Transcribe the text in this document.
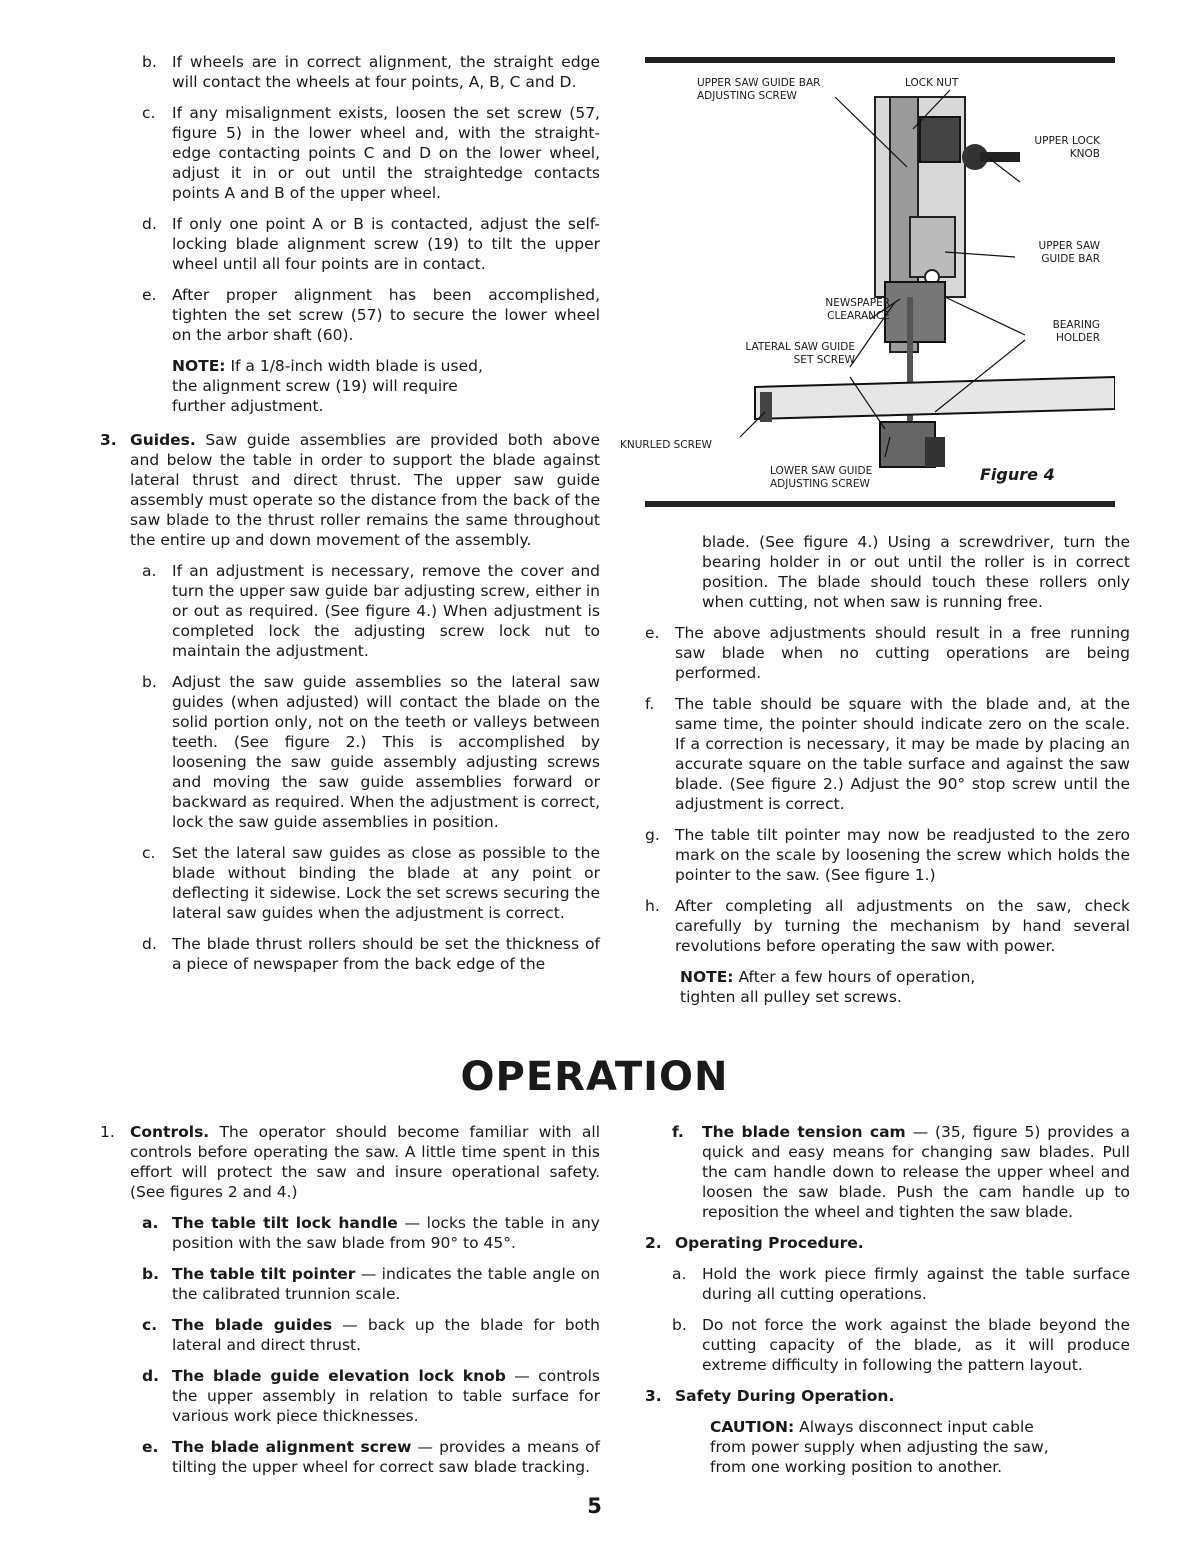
b. If wheels are in correct alignment, the straight edge will contact the wheels at four points, A, B, C and D.

c. If any misalignment exists, loosen the set screw (57, figure 5) in the lower wheel and, with the straight-edge contacting points C and D on the lower wheel, adjust it in or out until the straightedge contacts points A and B of the upper wheel.

d. If only one point A or B is contacted, adjust the self-locking blade alignment screw (19) to tilt the upper wheel until all four points are in contact.

e. After proper alignment has been accomplished, tighten the set screw (57) to secure the lower wheel on the arbor shaft (60).

NOTE: If a 1/8-inch width blade is used, the alignment screw (19) will require further adjustment.

3. Guides. Saw guide assemblies are provided both above and below the table in order to support the blade against lateral thrust and direct thrust. The upper saw guide assembly must operate so the distance from the back of the saw blade to the thrust roller remains the same throughout the entire up and down movement of the assembly.

a. If an adjustment is necessary, remove the cover and turn the upper saw guide bar adjusting screw, either in or out as required. (See figure 4.) When adjustment is completed lock the adjusting screw lock nut to maintain the adjustment.

b. Adjust the saw guide assemblies so the lateral saw guides (when adjusted) will contact the blade on the solid portion only, not on the teeth or valleys between teeth. (See figure 2.) This is accomplished by loosening the saw guide assembly adjusting screws and moving the saw guide assemblies forward or backward as required. When the adjustment is correct, lock the saw guide assemblies in position.

c. Set the lateral saw guides as close as possible to the blade without binding the blade at any point or deflecting it sidewise. Lock the set screws securing the lateral saw guides when the adjustment is correct.

d. The blade thrust rollers should be set the thickness of a piece of newspaper from the back edge of the

UPPER SAW GUIDE BAR ADJUSTING SCREW
LOCK NUT
UPPER LOCK KNOB
UPPER SAW GUIDE BAR
NEWSPAPER CLEARANCE
BEARING HOLDER
LATERAL SAW GUIDE SET SCREW
KNURLED SCREW
LOWER SAW GUIDE ADJUSTING SCREW	Figure 4

blade. (See figure 4.) Using a screwdriver, turn the bearing holder in or out until the roller is in correct position. The blade should touch these rollers only when cutting, not when saw is running free.

e. The above adjustments should result in a free running saw blade when no cutting operations are being performed.

f. The table should be square with the blade and, at the same time, the pointer should indicate zero on the scale. If a correction is necessary, it may be made by placing an accurate square on the table surface and against the saw blade. (See figure 2.) Adjust the 90° stop screw until the adjustment is correct.

g. The table tilt pointer may now be readjusted to the zero mark on the scale by loosening the screw which holds the pointer to the saw. (See figure 1.)

h. After completing all adjustments on the saw, check carefully by turning the mechanism by hand several revolutions before operating the saw with power.

NOTE: After a few hours of operation, tighten all pulley set screws.

OPERATION
1. Controls. The operator should become familiar with all controls before operating the saw. A little time spent in this effort will protect the saw and insure operational safety. (See figures 2 and 4.)

a. The table tilt lock handle — locks the table in any position with the saw blade from 90° to 45°.

b. The table tilt pointer — indicates the table angle on the calibrated trunnion scale.

c. The blade guides — back up the blade for both lateral and direct thrust.

d. The blade guide elevation lock knob — controls the upper assembly in relation to table surface for various work piece thicknesses.

e. The blade alignment screw — provides a means of tilting the upper wheel for correct saw blade tracking.

f. The blade tension cam — (35, figure 5) provides a quick and easy means for changing saw blades. Pull the cam handle down to release the upper wheel and loosen the saw blade. Push the cam handle up to reposition the wheel and tighten the saw blade.

2. Operating Procedure.

a. Hold the work piece firmly against the table surface during all cutting operations.

b. Do not force the work against the blade beyond the cutting capacity of the blade, as it will produce extreme difficulty in following the pattern layout.

3. Safety During Operation.

CAUTION: Always disconnect input cable from power supply when adjusting the saw, from one working position to another.

5
